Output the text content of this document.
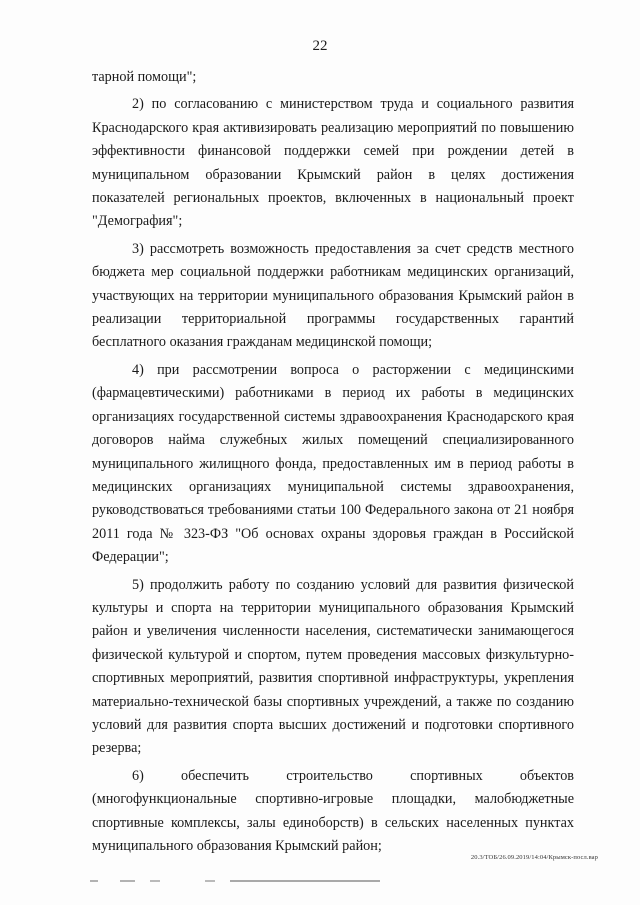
22

тарной помощи";

2) по согласованию с министерством труда и социального развития Краснодарского края активизировать реализацию мероприятий по повышению эффективности финансовой поддержки семей при рождении детей в муниципальном образовании Крымский район в целях достижения показателей региональных проектов, включенных в национальный проект "Демография";

3) рассмотреть возможность предоставления за счет средств местного бюджета мер социальной поддержки работникам медицинских организаций, участвующих на территории муниципального образования Крымский район в реализации территориальной программы государственных гарантий бесплатного оказания гражданам медицинской помощи;

4) при рассмотрении вопроса о расторжении с медицинскими (фармацевтическими) работниками в период их работы в медицинских организациях государственной системы здравоохранения Краснодарского края договоров найма служебных жилых помещений специализированного муниципального жилищного фонда, предоставленных им в период работы в медицинских организациях муниципальной системы здравоохранения, руководствоваться требованиями статьи 100 Федерального закона от 21 ноября 2011 года № 323-ФЗ "Об основах охраны здоровья граждан в Российской Федерации";

5) продолжить работу по созданию условий для развития физической культуры и спорта на территории муниципального образования Крымский район и увеличения численности населения, систематически занимающегося физической культурой и спортом, путем проведения массовых физкультурно-спортивных мероприятий, развития спортивной инфраструктуры, укрепления материально-технической базы спортивных учреждений, а также по созданию условий для развития спорта высших достижений и подготовки спортивного резерва;

6) обеспечить строительство спортивных объектов (многофункциональные спортивно-игровые площадки, малобюджетные спортивные комплексы, залы единоборств) в сельских населенных пунктах муниципального образования Крымский район;

20.3/ТОБ/26.09.2019/14:04/Крымск-посл.вар
